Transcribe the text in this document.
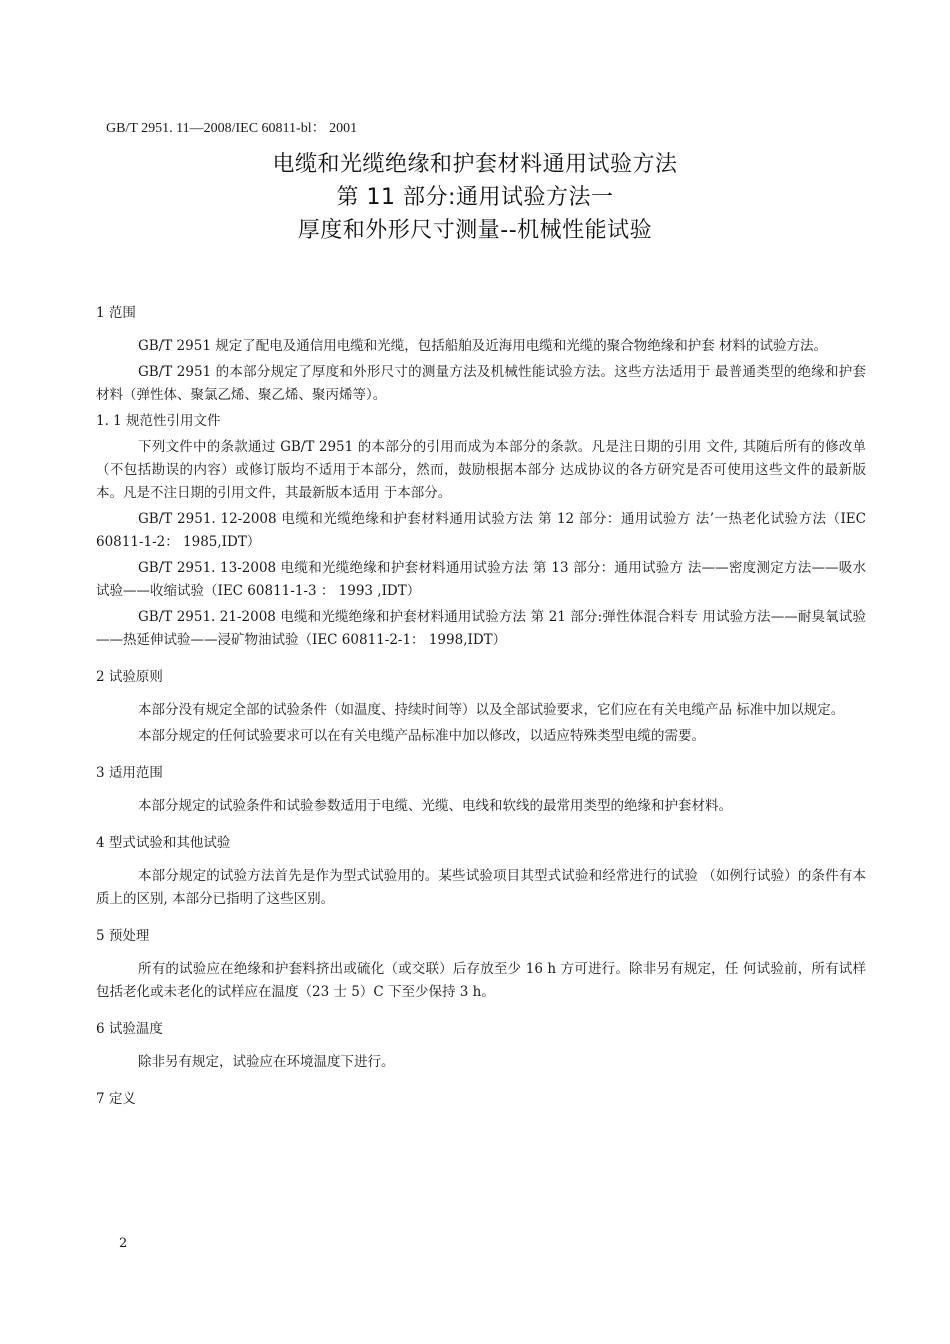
GB/T 2951. 11—2008/IEC 60811-bl： 2001
电缆和光缆绝缘和护套材料通用试验方法
第 11 部分:通用试验方法一
厚度和外形尺寸测量--机械性能试验

1 范围

GB/T 2951 规定了配电及通信用电缆和光缆，包括船舶及近海用电缆和光缆的聚合物绝缘和护套 材料的试验方法。

GB/T 2951 的本部分规定了厚度和外形尺寸的测量方法及机械性能试验方法。这些方法适用于 最普通类型的绝缘和护套材料（弹性体、聚氯乙烯、聚乙烯、聚丙烯等）。

1. 1 规范性引用文件

下列文件中的条款通过 GB/T 2951 的本部分的引用而成为本部分的条款。凡是注日期的引用 文件, 其随后所有的修改单（不包括勘误的内容）或修订版均不适用于本部分，然而，鼓励根据本部分 达成协议的各方研究是否可使用这些文件的最新版本。凡是不注日期的引用文件，其最新版本适用 于本部分。

GB/T 2951. 12-2008 电缆和光缆绝缘和护套材料通用试验方法 第 12 部分：通用试验方 法’一热老化试验方法（IEC 60811-1-2： 1985,IDT）

GB/T 2951. 13-2008 电缆和光缆绝缘和护套材料通用试验方法 第 13 部分：通用试验方 法——密度测定方法——吸水试验——收缩试验（IEC 60811-1-3 ： 1993 ,IDT）

GB/T 2951. 21-2008 电缆和光缆绝缘和护套材料通用试验方法 第 21 部分:弹性体混合料专 用试验方法——耐臭氧试验——热延伸试验——浸矿物油试验（IEC 60811-2-1： 1998,IDT）

2 试验原则

本部分没有规定全部的试验条件（如温度、持续时间等）以及全部试验要求，它们应在有关电缆产品 标准中加以规定。

本部分规定的任何试验要求可以在有关电缆产品标准中加以修改，以适应特殊类型电缆的需要。

3 适用范围

本部分规定的试验条件和试验参数适用于电缆、光缆、电线和软线的最常用类型的绝缘和护套材料。

4 型式试验和其他试验

本部分规定的试验方法首先是作为型式试验用的。某些试验项目其型式试验和经常进行的试验 （如例行试验）的条件有本质上的区别, 本部分已指明了这些区别。

5 预处理

所有的试验应在绝缘和护套料挤出或硫化（或交联）后存放至少 16 h 方可进行。除非另有规定，任 何试验前，所有试样包括老化或未老化的试样应在温度（23 士 5）C 下至少保持 3 h。

6 试验温度

除非另有规定，试验应在环境温度下进行。

7 定义

2
